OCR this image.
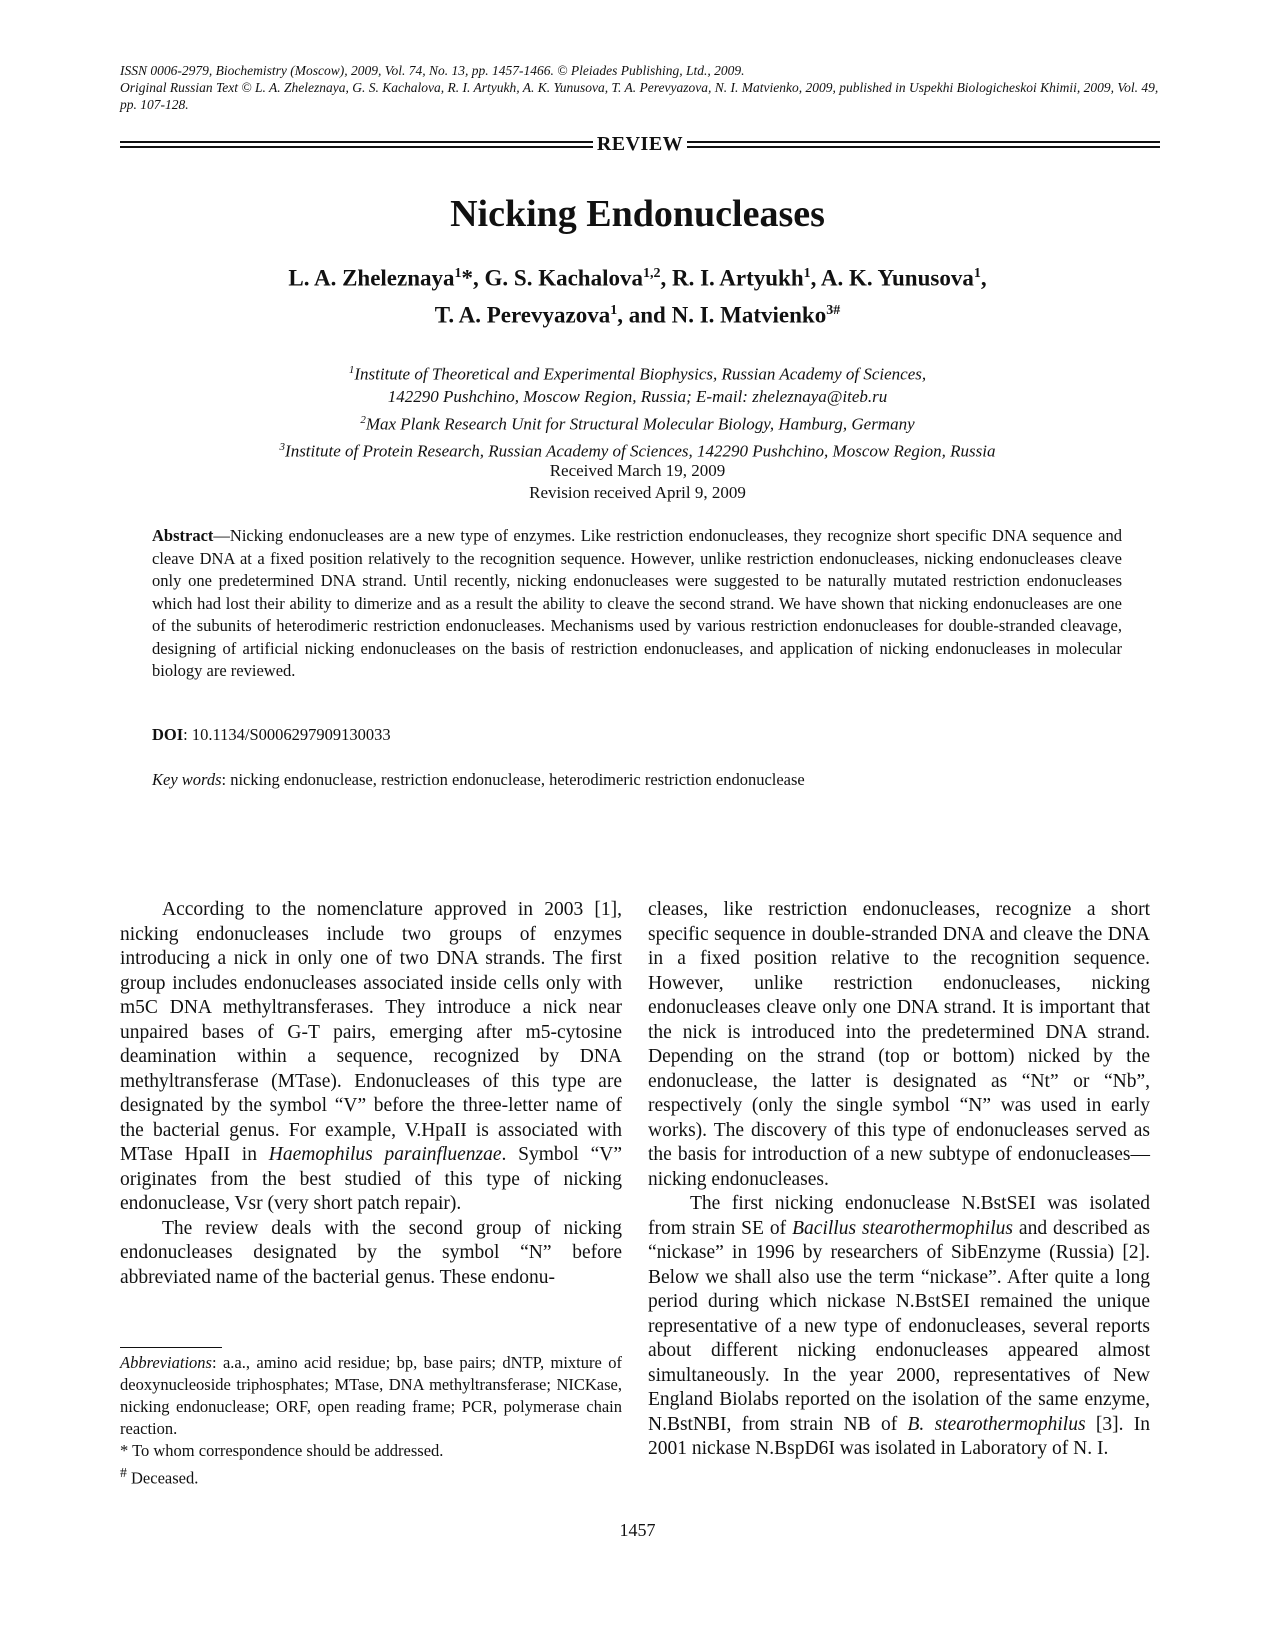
ISSN 0006-2979, Biochemistry (Moscow), 2009, Vol. 74, No. 13, pp. 1457-1466. © Pleiades Publishing, Ltd., 2009.
Original Russian Text © L. A. Zheleznaya, G. S. Kachalova, R. I. Artyukh, A. K. Yunusova, T. A. Perevyazova, N. I. Matvienko, 2009, published in Uspekhi Biologicheskoi Khimii, 2009, Vol. 49, pp. 107-128.
REVIEW
Nicking Endonucleases
L. A. Zheleznaya$^1$*, G. S. Kachalova$^{1,2}$, R. I. Artyukh$^1$, A. K. Yunusova$^1$,
T. A. Perevyazova$^1$, and N. I. Matvienko$^{3\#}$
$^1$Institute of Theoretical and Experimental Biophysics, Russian Academy of Sciences,
142290 Pushchino, Moscow Region, Russia; E-mail: zheleznaya@iteb.ru
$^2$Max Plank Research Unit for Structural Molecular Biology, Hamburg, Germany
$^3$Institute of Protein Research, Russian Academy of Sciences, 142290 Pushchino, Moscow Region, Russia
Received March 19, 2009
Revision received April 9, 2009
Abstract—Nicking endonucleases are a new type of enzymes. Like restriction endonucleases, they recognize short specific DNA sequence and cleave DNA at a fixed position relatively to the recognition sequence. However, unlike restriction endonucleases, nicking endonucleases cleave only one predetermined DNA strand. Until recently, nicking endonucleases were suggested to be naturally mutated restriction endonucleases which had lost their ability to dimerize and as a result the ability to cleave the second strand. We have shown that nicking endonucleases are one of the subunits of heterodimeric restriction endonucleases. Mechanisms used by various restriction endonucleases for double-stranded cleavage, designing of artificial nicking endonucleases on the basis of restriction endonucleases, and application of nicking endonucleases in molecular biology are reviewed.
DOI: 10.1134/S0006297909130033
Key words: nicking endonuclease, restriction endonuclease, heterodimeric restriction endonuclease

According to the nomenclature approved in 2003 [1], nicking endonucleases include two groups of enzymes introducing a nick in only one of two DNA strands. The first group includes endonucleases associated inside cells only with m5C DNA methyltransferases. They introduce a nick near unpaired bases of G-T pairs, emerging after m5-cytosine deamination within a sequence, recognized by DNA methyltransferase (MTase). Endonucleases of this type are designated by the symbol “V” before the three-letter name of the bacterial genus. For example, V.HpaII is associated with MTase HpaII in Haemophilus parainfluenzae. Symbol “V” originates from the best studied of this type of nicking endonuclease, Vsr (very short patch repair).

The review deals with the second group of nicking endonucleases designated by the symbol “N” before abbreviated name of the bacterial genus. These endonu-

Abbreviations: a.a., amino acid residue; bp, base pairs; dNTP, mixture of deoxynucleoside triphosphates; MTase, DNA methyltransferase; NICKase, nicking endonuclease; ORF, open reading frame; PCR, polymerase chain reaction.

* To whom correspondence should be addressed.

# Deceased.

cleases, like restriction endonucleases, recognize a short specific sequence in double-stranded DNA and cleave the DNA in a fixed position relative to the recognition sequence. However, unlike restriction endonucleases, nicking endonucleases cleave only one DNA strand. It is important that the nick is introduced into the predetermined DNA strand. Depending on the strand (top or bottom) nicked by the endonuclease, the latter is designated as “Nt” or “Nb”, respectively (only the single symbol “N” was used in early works). The discovery of this type of endonucleases served as the basis for introduction of a new subtype of endonucleases—nicking endonucleases.

The first nicking endonuclease N.BstSEI was isolated from strain SE of Bacillus stearothermophilus and described as “nickase” in 1996 by researchers of SibEnzyme (Russia) [2]. Below we shall also use the term “nickase”. After quite a long period during which nickase N.BstSEI remained the unique representative of a new type of endonucleases, several reports about different nicking endonucleases appeared almost simultaneously. In the year 2000, representatives of New England Biolabs reported on the isolation of the same enzyme, N.BstNBI, from strain NB of B. stearothermophilus [3]. In 2001 nickase N.BspD6I was isolated in Laboratory of N. I.

1457
